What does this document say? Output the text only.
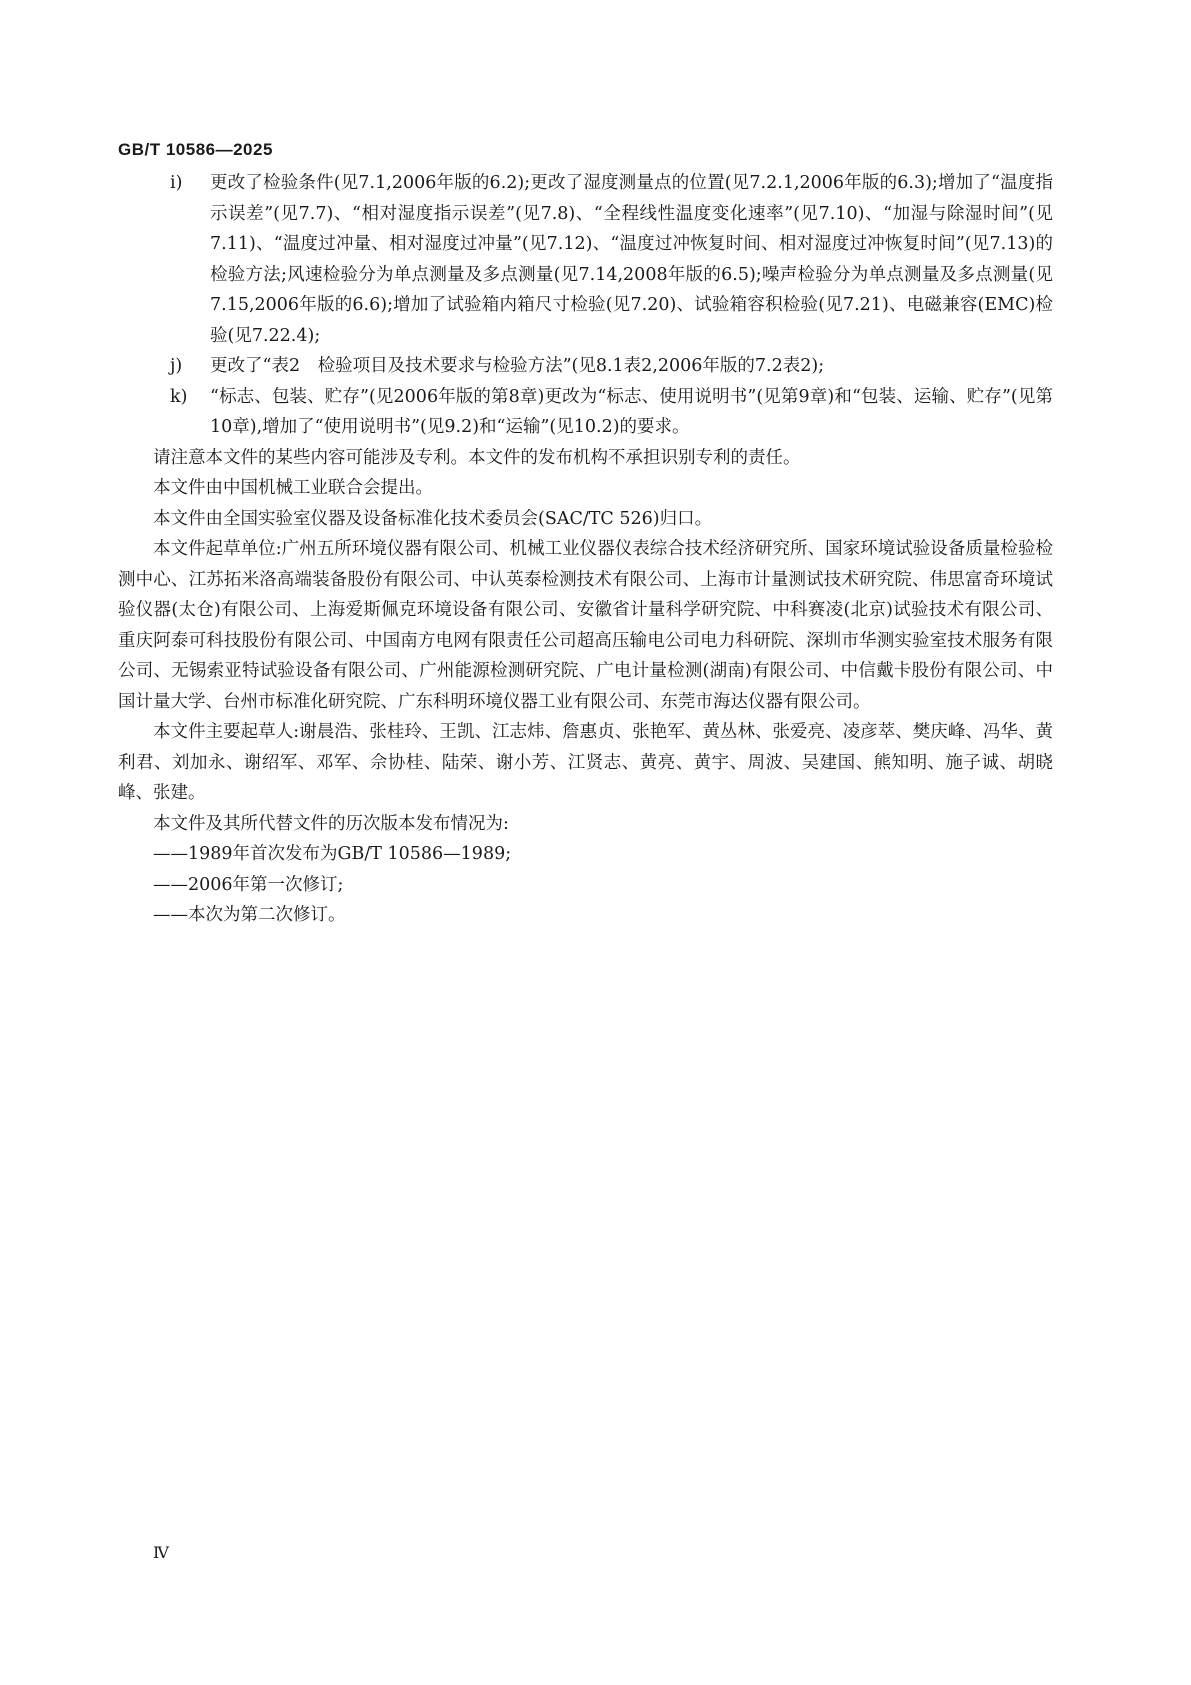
GB/T 10586—2025
i)	更改了检验条件(见7.1,2006年版的6.2);更改了湿度测量点的位置(见7.2.1,2006年版的6.3);增加了“温度指示误差”(见7.7)、“相对湿度指示误差”(见7.8)、“全程线性温度变化速率”(见7.10)、“加湿与除湿时间”(见7.11)、“温度过冲量、相对湿度过冲量”(见7.12)、“温度过冲恢复时间、相对湿度过冲恢复时间”(见7.13)的检验方法;风速检验分为单点测量及多点测量(见7.14,2008年版的6.5);噪声检验分为单点测量及多点测量(见7.15,2006年版的6.6);增加了试验箱内箱尺寸检验(见7.20)、试验箱容积检验(见7.21)、电磁兼容(EMC)检验(见7.22.4);
j)	更改了“表2　检验项目及技术要求与检验方法”(见8.1表2,2006年版的7.2表2);
k)	“标志、包装、贮存”(见2006年版的第8章)更改为“标志、使用说明书”(见第9章)和“包装、运输、贮存”(见第10章),增加了“使用说明书”(见9.2)和“运输”(见10.2)的要求。

请注意本文件的某些内容可能涉及专利。本文件的发布机构不承担识别专利的责任。

本文件由中国机械工业联合会提出。

本文件由全国实验室仪器及设备标准化技术委员会(SAC/TC 526)归口。

本文件起草单位:广州五所环境仪器有限公司、机械工业仪器仪表综合技术经济研究所、国家环境试验设备质量检验检测中心、江苏拓米洛高端装备股份有限公司、中认英泰检测技术有限公司、上海市计量测试技术研究院、伟思富奇环境试验仪器(太仓)有限公司、上海爱斯佩克环境设备有限公司、安徽省计量科学研究院、中科赛凌(北京)试验技术有限公司、重庆阿泰可科技股份有限公司、中国南方电网有限责任公司超高压输电公司电力科研院、深圳市华测实验室技术服务有限公司、无锡索亚特试验设备有限公司、广州能源检测研究院、广电计量检测(湖南)有限公司、中信戴卡股份有限公司、中国计量大学、台州市标准化研究院、广东科明环境仪器工业有限公司、东莞市海达仪器有限公司。

本文件主要起草人:谢晨浩、张桂玲、王凯、江志炜、詹惠贞、张艳军、黄丛林、张爱亮、凌彦萃、樊庆峰、冯华、黄利君、刘加永、谢绍军、邓军、佘协桂、陆荣、谢小芳、江贤志、黄亮、黄宇、周波、吴建国、熊知明、施子诚、胡晓峰、张建。

本文件及其所代替文件的历次版本发布情况为:

——1989年首次发布为GB/T 10586—1989;

——2006年第一次修订;

——本次为第二次修订。

Ⅳ
